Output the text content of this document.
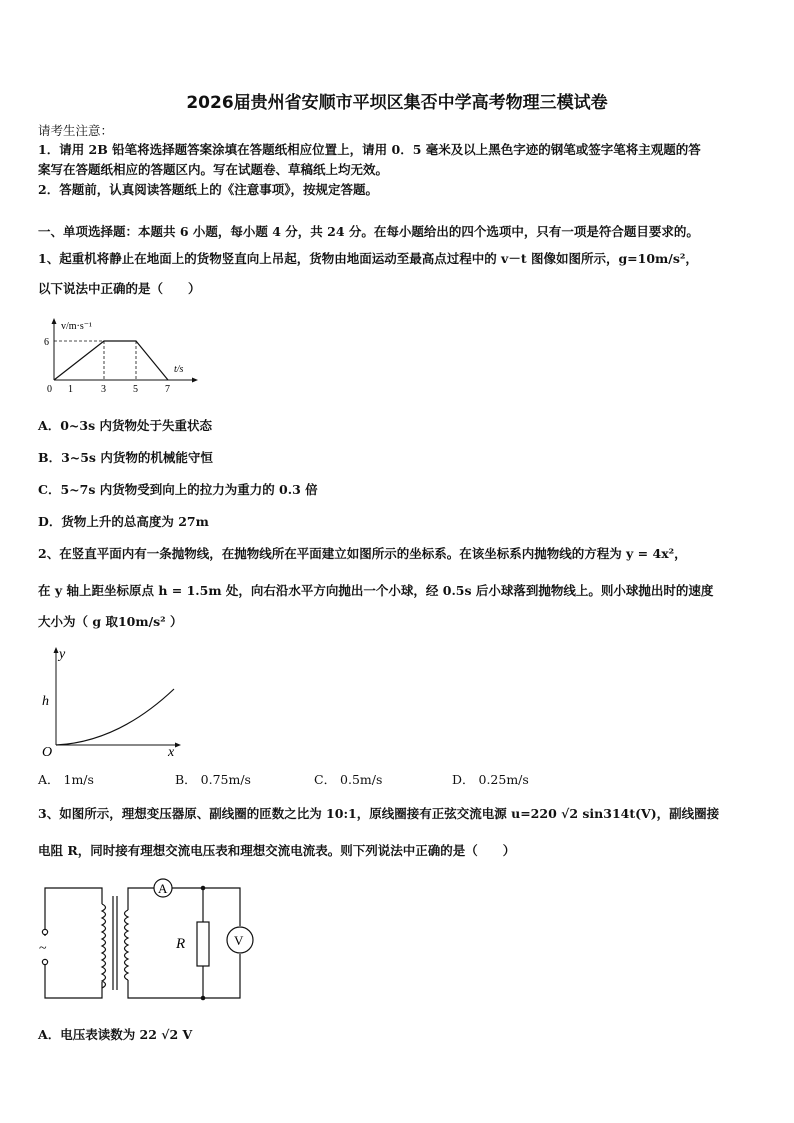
2026届贵州省安顺市平坝区集否中学高考物理三模试卷
请考生注意：
1．请用 2B 铅笔将选择题答案涂填在答题纸相应位置上，请用 0．5 毫米及以上黑色字迹的钢笔或签字笔将主观题的答
案写在答题纸相应的答题区内。写在试题卷、草稿纸上均无效。
2．答题前，认真阅读答题纸上的《注意事项》，按规定答题。
一、单项选择题：本题共 6 小题，每小题 4 分，共 24 分。在每小题给出的四个选项中，只有一项是符合题目要求的。
1、起重机将静止在地面上的货物竖直向上吊起，货物由地面运动至最高点过程中的 v－t 图像如图所示，g=10m/s²，
以下说法中正确的是（　　）
v/m·s⁻¹
t/s
6
0 1	3	5	7
A．0~3s 内货物处于失重状态
B．3~5s 内货物的机械能守恒
C．5~7s 内货物受到向上的拉力为重力的 0.3 倍
D．货物上升的总高度为 27m
2、在竖直平面内有一条抛物线，在抛物线所在平面建立如图所示的坐标系。在该坐标系内抛物线的方程为 y = 4x²，
在 y 轴上距坐标原点 h = 1.5m 处，向右沿水平方向抛出一个小球，经 0.5s 后小球落到抛物线上。则小球抛出时的速度
大小为（ g 取10m/s² ）
y
h
O	x
A． 1m/s	B． 0.75m/s	C． 0.5m/s	D． 0.25m/s
3、如图所示，理想变压器原、副线圈的匝数之比为 10:1，原线圈接有正弦交流电源 u=220 √2 sin314t(V)，副线圈接
电阻 R，同时接有理想交流电压表和理想交流电流表。则下列说法中正确的是（　　）
A
V
R
~
A．电压表读数为 22 √2 V
